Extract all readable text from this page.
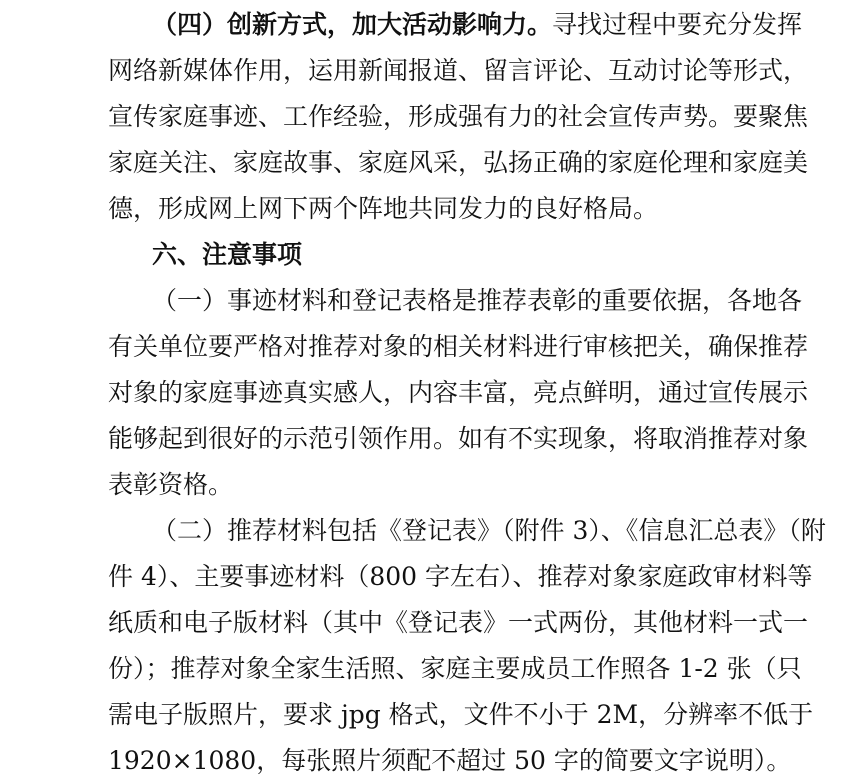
（四）创新方式，加大活动影响力。寻找过程中要充分发挥
网络新媒体作用，运用新闻报道、留言评论、互动讨论等形式，
宣传家庭事迹、工作经验，形成强有力的社会宣传声势。要聚焦
家庭关注、家庭故事、家庭风采，弘扬正确的家庭伦理和家庭美
德，形成网上网下两个阵地共同发力的良好格局。
六、注意事项
（一）事迹材料和登记表格是推荐表彰的重要依据，各地各
有关单位要严格对推荐对象的相关材料进行审核把关，确保推荐
对象的家庭事迹真实感人，内容丰富，亮点鲜明，通过宣传展示
能够起到很好的示范引领作用。如有不实现象，将取消推荐对象
表彰资格。
（二）推荐材料包括《登记表》（附件 3）、《信息汇总表》（附
件 4）、主要事迹材料（800 字左右）、推荐对象家庭政审材料等
纸质和电子版材料（其中《登记表》一式两份，其他材料一式一
份）；推荐对象全家生活照、家庭主要成员工作照各 1-2 张（只
需电子版照片，要求 jpg 格式，文件不小于 2M，分辨率不低于
1920×1080，每张照片须配不超过 50 字的简要文字说明）。
